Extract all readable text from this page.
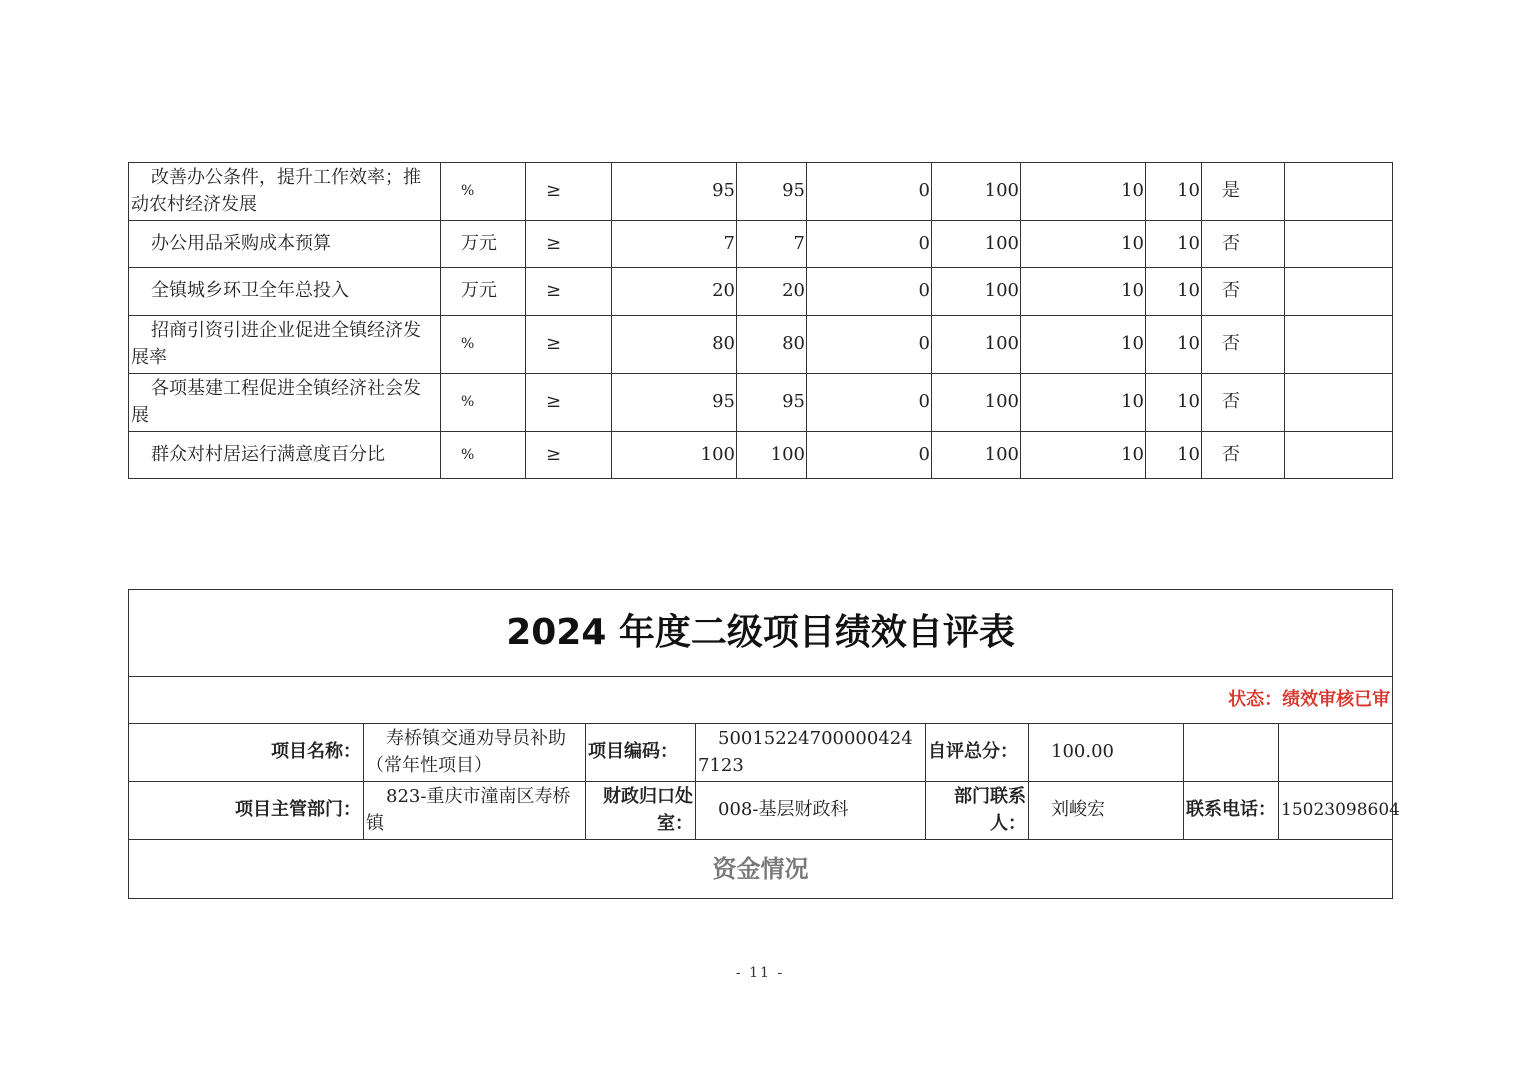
改善办公条件，提升工作效率；推动农村经济发展	%	≥	95	95	0	100	10	10	是	
办公用品采购成本预算	万元	≥	7	7	0	100	10	10	否	
全镇城乡环卫全年总投入	万元	≥	20	20	0	100	10	10	否	
招商引资引进企业促进全镇经济发展率	%	≥	80	80	0	100	10	10	否	
各项基建工程促进全镇经济社会发展	%	≥	95	95	0	100	10	10	否	
群众对村居运行满意度百分比	%	≥	100	100	0	100	10	10	否	
2024 年度二级项目绩效自评表							
状态：绩效审核已审							
项目名称：	寿桥镇交通劝导员补助（常年性项目）	项目编码：	500152247000004247123	自评总分：	100.00		
项目主管部门：	823-重庆市潼南区寿桥镇	财政归口处室：	008-基层财政科	部门联系人：	刘峻宏	联系电话：	15023098604
资金情况							
- 11 -
